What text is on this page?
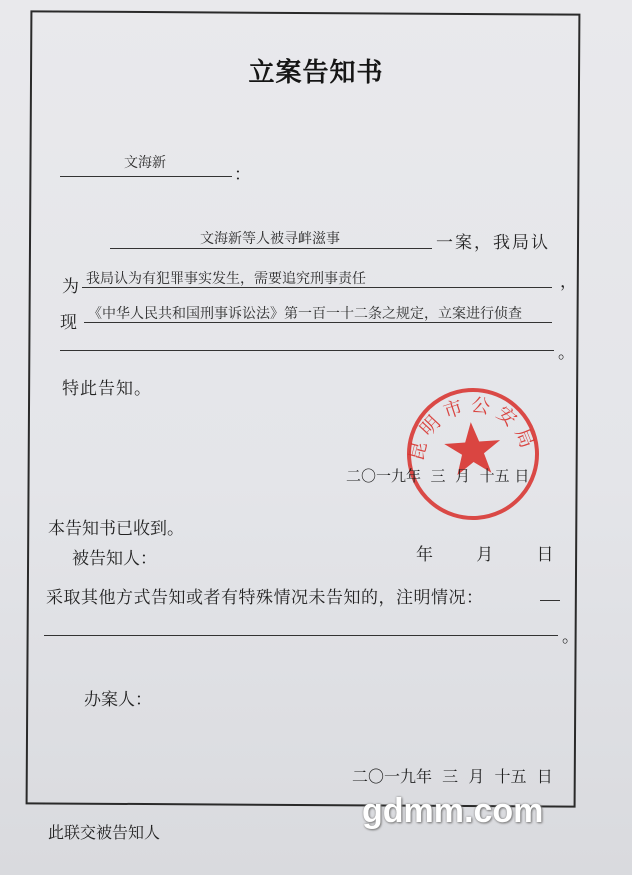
立案告知书
文海新
：
文海新等人被寻衅滋事	一案，我局认
为 我局认为有犯罪事实发生，需要追究刑事责任	，
现 《中华人民共和国刑事诉讼法》第一百一十二条之规定，立案进行侦查
。
特此告知。
昆明市公安局
二〇一九年  三  月  十五 日
本告知书已收到。
被告知人：	年        月        日
采取其他方式告知或者有特殊情况未告知的，注明情况：
。
办案人：
二〇一九年  三  月  十五  日
此联交被告知人
gdmm.com
